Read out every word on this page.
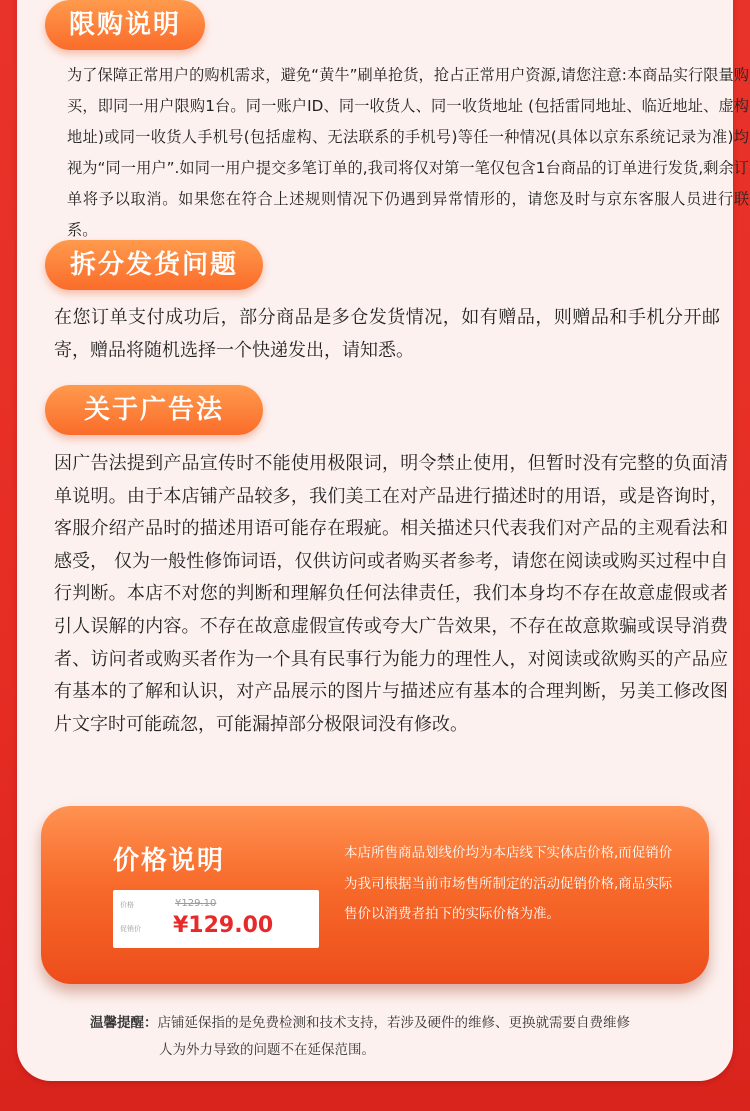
限购说明
为了保障正常用户的购机需求，避免“黄牛”刷单抢货，抢占正常用户资源,请您注意:本商品实行限量购买，即同一用户限购1台。同一账户ID、同一收货人、同一收货地址 (包括雷同地址、临近地址、虚构地址)或同一收货人手机号(包括虚构、无法联系的手机号)等任一种情况(具体以京东系统记录为准)均视为“同一用户”.如同一用户提交多笔订单的,我司将仅对第一笔仅包含1台商品的订单进行发货,剩余订单将予以取消。如果您在符合上述规则情况下仍遇到异常情形的，请您及时与京东客服人员进行联系。
拆分发货问题
在您订单支付成功后，部分商品是多仓发货情况，如有赠品，则赠品和手机分开邮寄，赠品将随机选择一个快递发出，请知悉。
关于广告法
因广告法提到产品宣传时不能使用极限词，明令禁止使用，但暂时没有完整的负面清单说明。由于本店铺产品较多，我们美工在对产品进行描述时的用语，或是咨询时，客服介绍产品时的描述用语可能存在瑕疵。相关描述只代表我们对产品的主观看法和感受， 仅为一般性修饰词语，仅供访问或者购买者参考，请您在阅读或购买过程中自行判断。本店不对您的判断和理解负任何法律责任，我们本身均不存在故意虚假或者引人误解的内容。不存在故意虚假宣传或夸大广告效果，不存在故意欺骗或误导消费者、访问者或购买者作为一个具有民事行为能力的理性人，对阅读或欲购买的产品应有基本的了解和认识，对产品展示的图片与描述应有基本的合理判断，另美工修改图片文字时可能疏忽，可能漏掉部分极限词没有修改。
价格说明
价格	¥129.10
促销价 ¥129.00
本店所售商品划线价均为本店线下实体店价格,而促销价为我司根据当前市场售所制定的活动促销价格,商品实际售价以消费者拍下的实际价格为准。
温馨提醒：店铺延保指的是免费检测和技术支持，若涉及硬件的维修、更换就需要自费维修
人为外力导致的问题不在延保范围。
